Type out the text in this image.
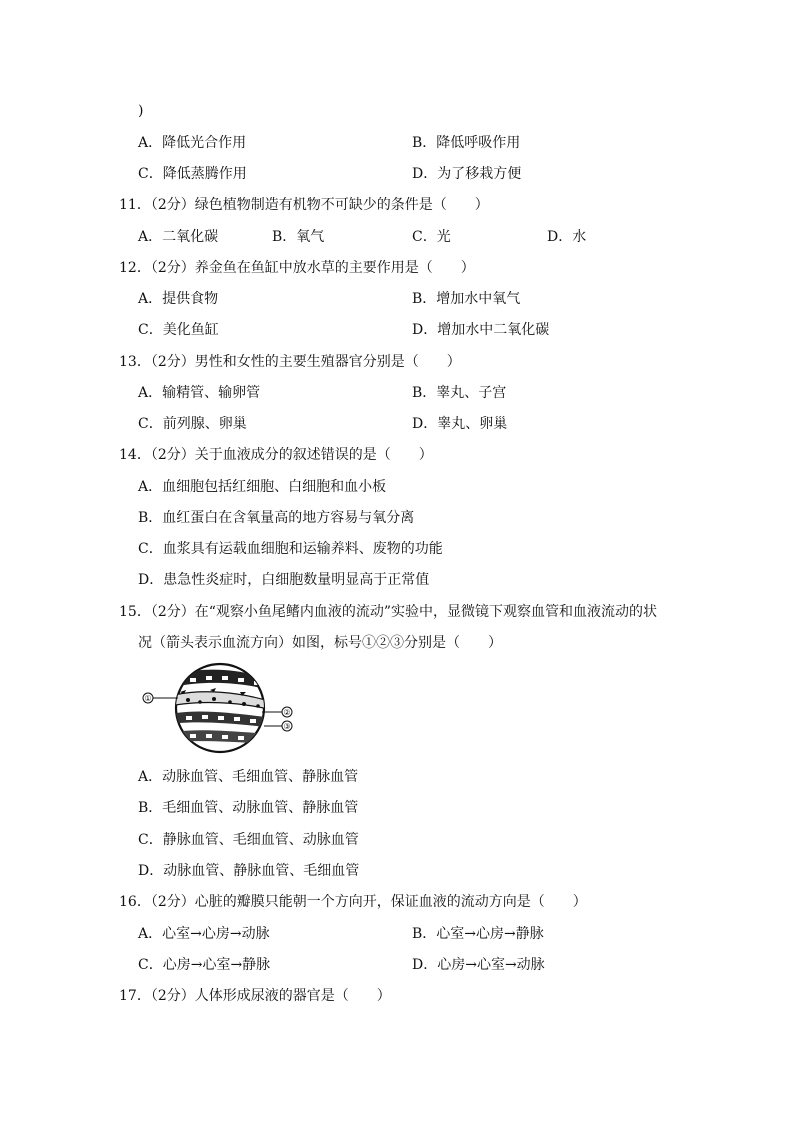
)
A．降低光合作用	B．降低呼吸作用
C．降低蒸腾作用	D．为了移栽方便
11．（2分）绿色植物制造有机物不可缺少的条件是（　　）
A．二氧化碳	B．氧气	C．光	D．水
12．（2分）养金鱼在鱼缸中放水草的主要作用是（　　）
A．提供食物	B．增加水中氧气
C．美化鱼缸	D．增加水中二氧化碳
13．（2分）男性和女性的主要生殖器官分别是（　　）
A．输精管、输卵管	B．睾丸、子宫
C．前列腺、卵巢	D．睾丸、卵巢
14．（2分）关于血液成分的叙述错误的是（　　）
A．血细胞包括红细胞、白细胞和血小板
B．血红蛋白在含氧量高的地方容易与氧分离
C．血浆具有运载血细胞和运输养料、废物的功能
D．患急性炎症时，白细胞数量明显高于正常值
15．（2分）在“观察小鱼尾鳍内血液的流动”实验中，显微镜下观察血管和血液流动的状
况（箭头表示血流方向）如图，标号①②③分别是（　　）
①
②
③
A．动脉血管、毛细血管、静脉血管
B．毛细血管、动脉血管、静脉血管
C．静脉血管、毛细血管、动脉血管
D．动脉血管、静脉血管、毛细血管
16．（2分）心脏的瓣膜只能朝一个方向开，保证血液的流动方向是（　　）
A．心室→心房→动脉	B．心室→心房→静脉
C．心房→心室→静脉	D．心房→心室→动脉
17．（2分）人体形成尿液的器官是（　　）
